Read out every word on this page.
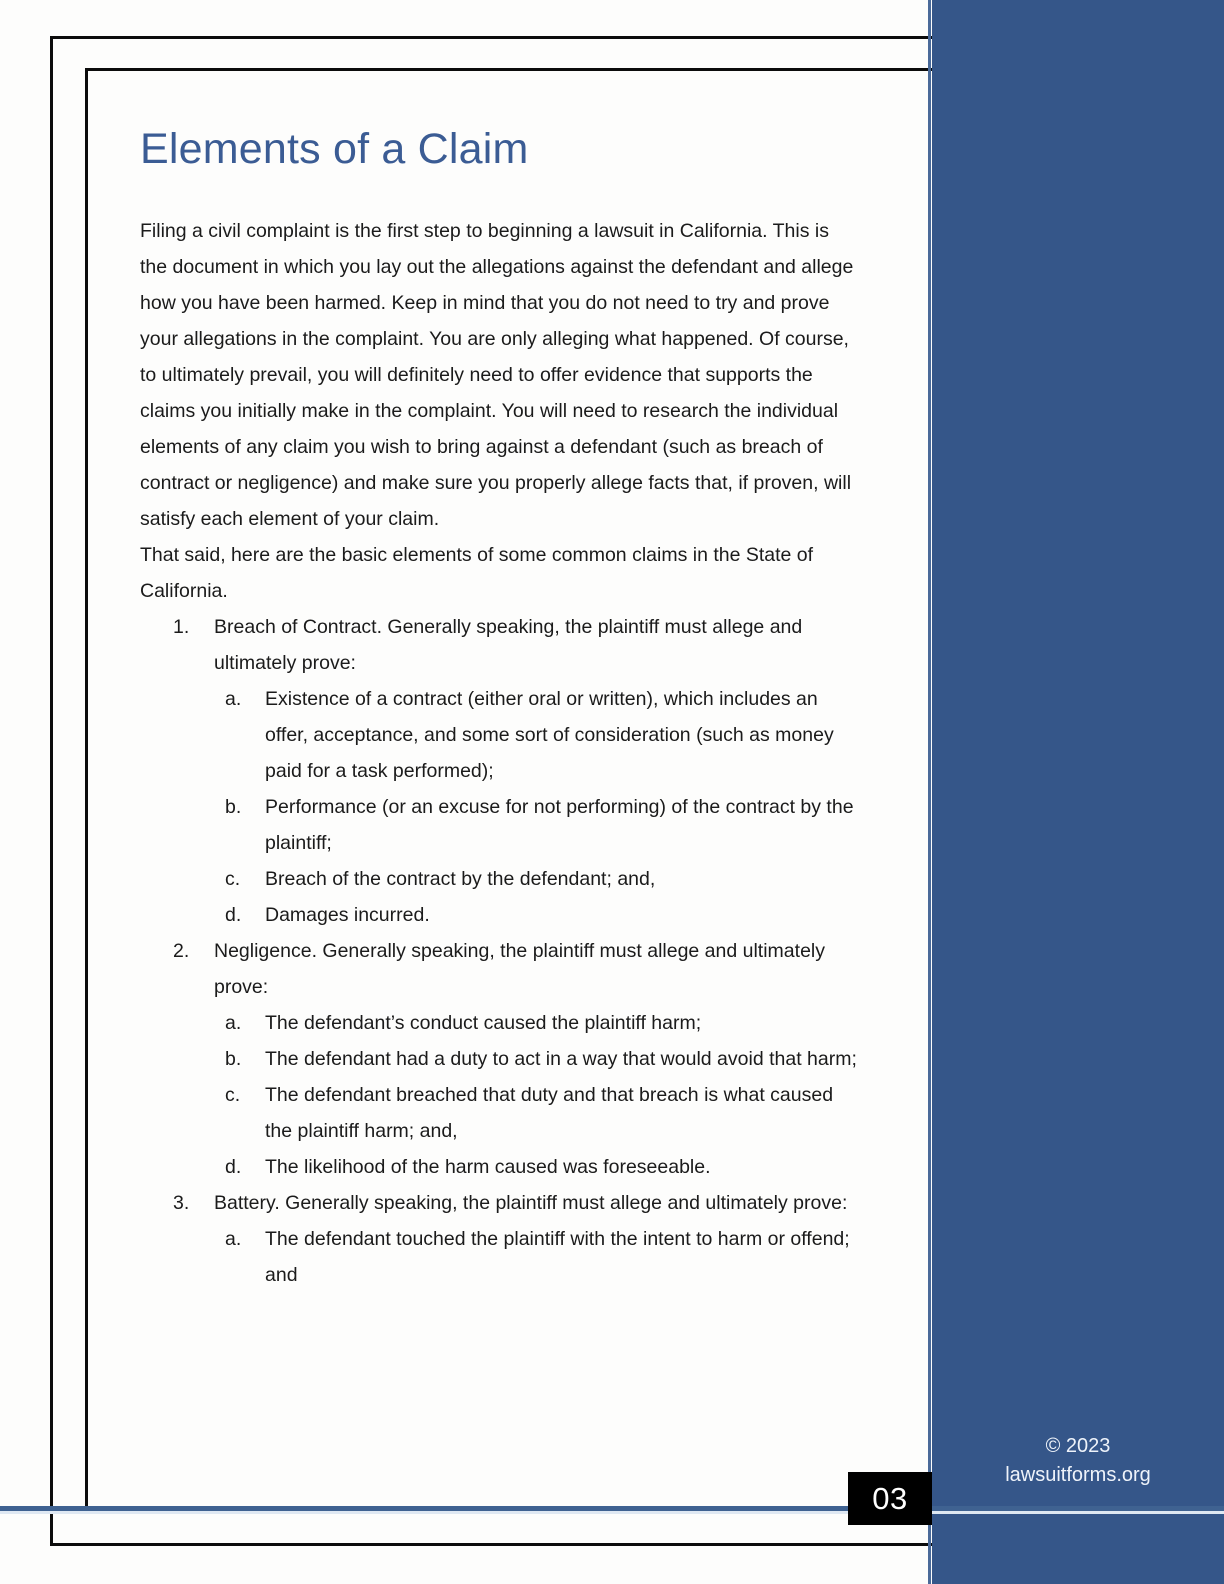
Elements of a Claim

Filing a civil complaint is the first step to beginning a lawsuit in California. This is the document in which you lay out the allegations against the defendant and allege how you have been harmed. Keep in mind that you do not need to try and prove your allegations in the complaint. You are only alleging what happened. Of course, to ultimately prevail, you will definitely need to offer evidence that supports the claims you initially make in the complaint. You will need to research the individual elements of any claim you wish to bring against a defendant (such as breach of contract or negligence) and make sure you properly allege facts that, if proven, will satisfy each element of your claim.

That said, here are the basic elements of some common claims in the State of California.

1.	Breach of Contract. Generally speaking, the plaintiff must allege and ultimately prove:
a.	Existence of a contract (either oral or written), which includes an offer, acceptance, and some sort of consideration (such as money paid for a task performed);
b.	Performance (or an excuse for not performing) of the contract by the plaintiff;
c.	Breach of the contract by the defendant; and,
d.	Damages incurred.
2.	Negligence. Generally speaking, the plaintiff must allege and ultimately prove:
a.	The defendant’s conduct caused the plaintiff harm;
b.	The defendant had a duty to act in a way that would avoid that harm;
c.	The defendant breached that duty and that breach is what caused the plaintiff harm; and,
d.	The likelihood of the harm caused was foreseeable.
3.	Battery. Generally speaking, the plaintiff must allege and ultimately prove:
a.	The defendant touched the plaintiff with the intent to harm or offend; and
© 2023
lawsuitforms.org
03
